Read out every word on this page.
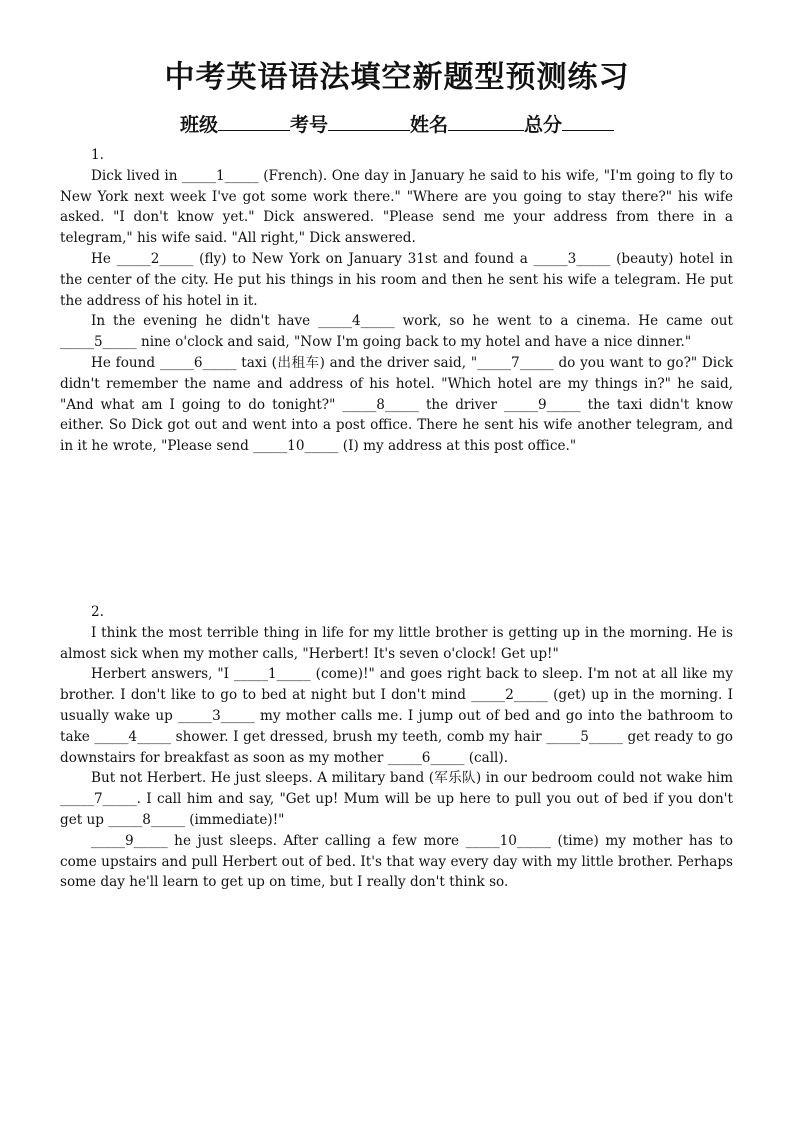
中考英语语法填空新题型预测练习
班级	考号	姓名	总分

1.

Dick lived in _____1_____ (French). One day in January he said to his wife, "I'm going to fly to New York next week I've got some work there." "Where are you going to stay there?" his wife asked. "I don't know yet." Dick answered. "Please send me your address from there in a telegram," his wife said. "All right," Dick answered.

He _____2_____ (fly) to New York on January 31st and found a _____3_____ (beauty) hotel in the center of the city. He put his things in his room and then he sent his wife a telegram. He put the address of his hotel in it.

In the evening he didn't have _____4_____ work, so he went to a cinema. He came out _____5_____ nine o'clock and said, "Now I'm going back to my hotel and have a nice dinner."

He found _____6_____ taxi (出租车) and the driver said, "_____7_____ do you want to go?" Dick didn't remember the name and address of his hotel. "Which hotel are my things in?" he said, "And what am I going to do tonight?" _____8_____ the driver _____9_____ the taxi didn't know either. So Dick got out and went into a post office. There he sent his wife another telegram, and in it he wrote, "Please send _____10_____ (I) my address at this post office."

2.

I think the most terrible thing in life for my little brother is getting up in the morning. He is almost sick when my mother calls, "Herbert! It's seven o'clock! Get up!"

Herbert answers, "I _____1_____ (come)!" and goes right back to sleep. I'm not at all like my brother. I don't like to go to bed at night but I don't mind _____2_____ (get) up in the morning. I usually wake up _____3_____ my mother calls me. I jump out of bed and go into the bathroom to take _____4_____ shower. I get dressed, brush my teeth, comb my hair _____5_____ get ready to go downstairs for breakfast as soon as my mother _____6_____ (call).

But not Herbert. He just sleeps. A military band (军乐队) in our bedroom could not wake him _____7_____. I call him and say, "Get up! Mum will be up here to pull you out of bed if you don't get up _____8_____ (immediate)!"

_____9_____ he just sleeps. After calling a few more _____10_____ (time) my mother has to come upstairs and pull Herbert out of bed. It's that way every day with my little brother. Perhaps some day he'll learn to get up on time, but I really don't think so.
